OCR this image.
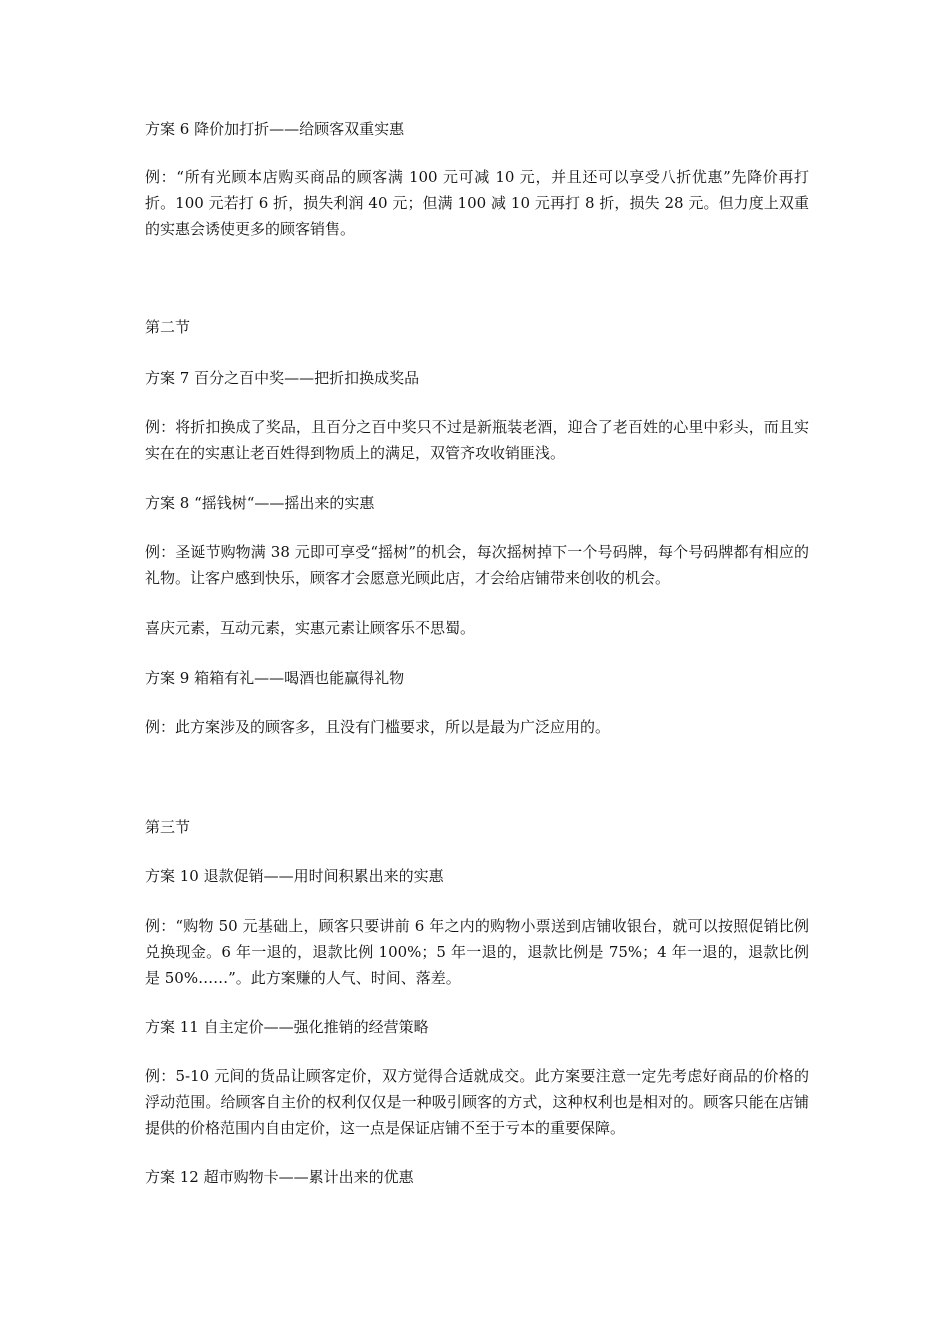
方案 6 降价加打折——给顾客双重实惠
例：“所有光顾本店购买商品的顾客满 100 元可减 10 元，并且还可以享受八折优惠”先降价再打折。100 元若打 6 折，损失利润 40 元；但满 100 减 10 元再打 8 折，损失 28 元。但力度上双重的实惠会诱使更多的顾客销售。
第二节
方案 7 百分之百中奖——把折扣换成奖品
例：将折扣换成了奖品，且百分之百中奖只不过是新瓶装老酒，迎合了老百姓的心里中彩头，而且实实在在的实惠让老百姓得到物质上的满足，双管齐攻收销匪浅。
方案 8 “摇钱树“——摇出来的实惠
例：圣诞节购物满 38 元即可享受“摇树”的机会，每次摇树掉下一个号码牌，每个号码牌都有相应的礼物。让客户感到快乐，顾客才会愿意光顾此店，才会给店铺带来创收的机会。
喜庆元素，互动元素，实惠元素让顾客乐不思蜀。
方案 9 箱箱有礼——喝酒也能赢得礼物
例：此方案涉及的顾客多，且没有门槛要求，所以是最为广泛应用的。
第三节
方案 10 退款促销——用时间积累出来的实惠
例：“购物 50 元基础上，顾客只要讲前 6 年之内的购物小票送到店铺收银台，就可以按照促销比例兑换现金。6 年一退的，退款比例 100%；5 年一退的，退款比例是 75%；4 年一退的，退款比例是 50%……”。此方案赚的人气、时间、落差。
方案 11 自主定价——强化推销的经营策略
例：5-10 元间的货品让顾客定价，双方觉得合适就成交。此方案要注意一定先考虑好商品的价格的浮动范围。给顾客自主价的权利仅仅是一种吸引顾客的方式，这种权利也是相对的。顾客只能在店铺提供的价格范围内自由定价，这一点是保证店铺不至于亏本的重要保障。
方案 12 超市购物卡——累计出来的优惠
